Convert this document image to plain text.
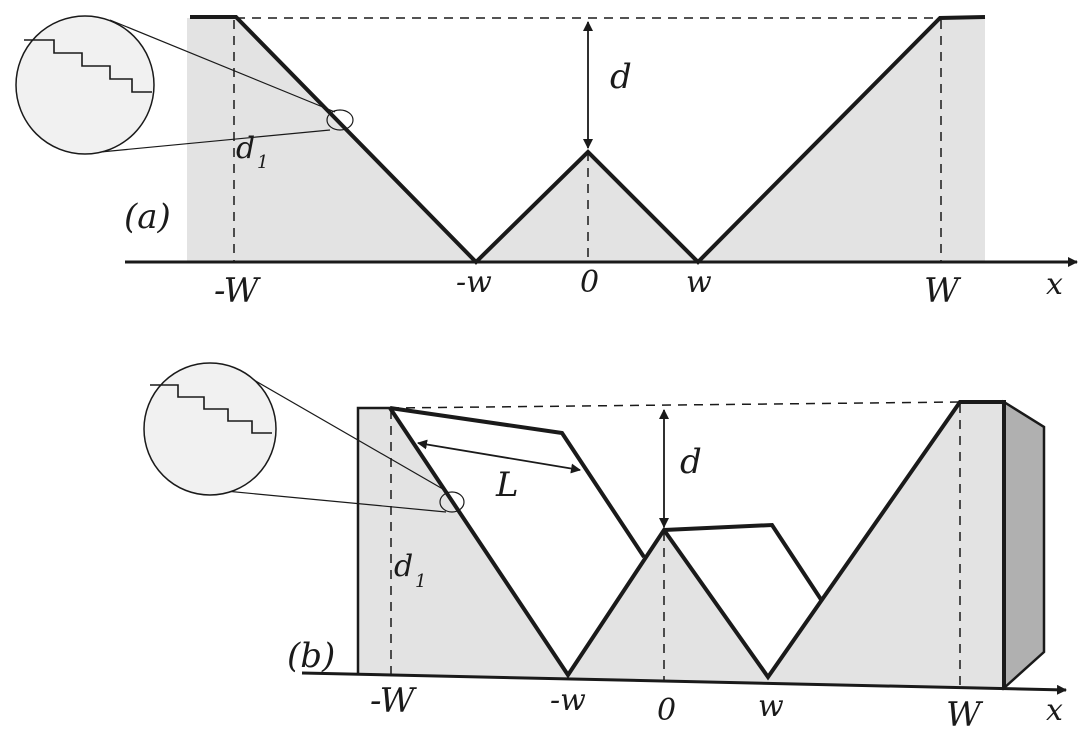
(a)
d
d 1
-W	-w	0	w	W	x
(b)
d
L
d 1
-W	-w 0	w	W x
